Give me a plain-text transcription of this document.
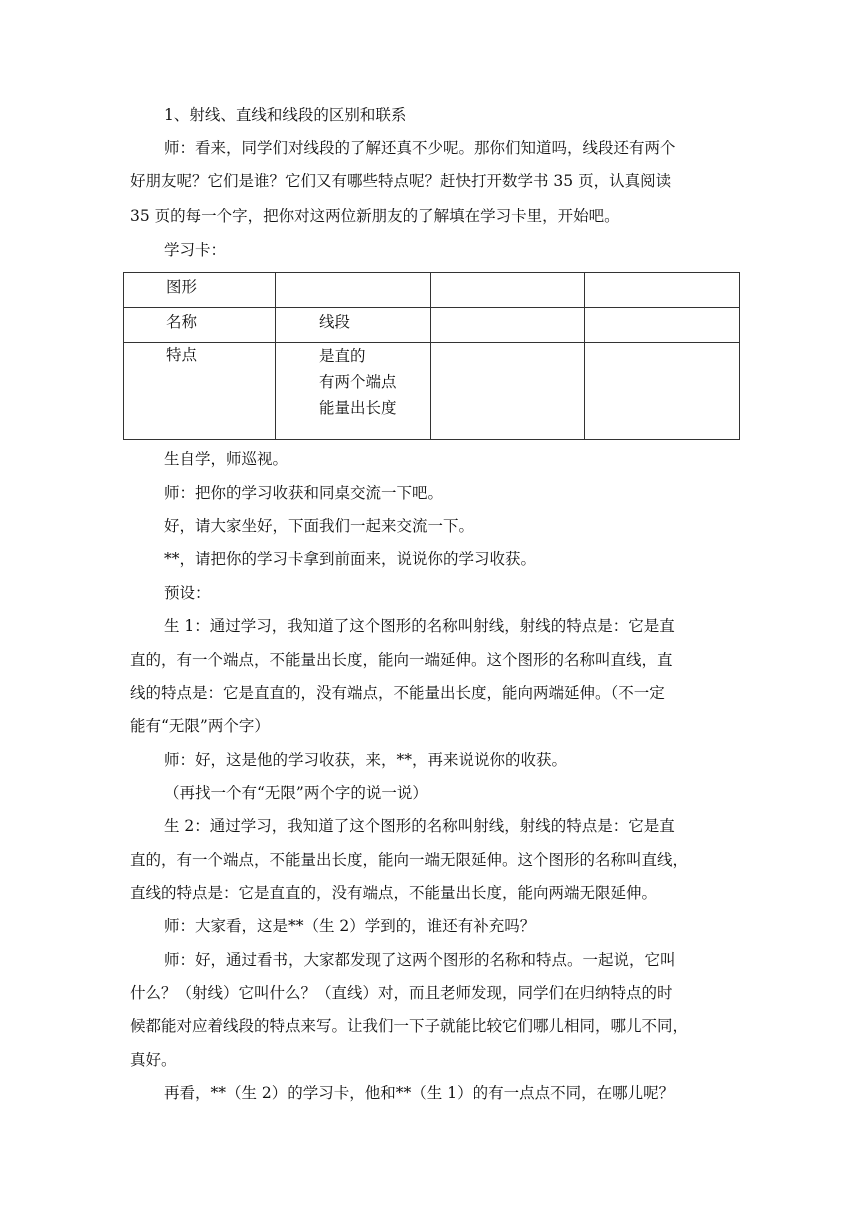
1、射线、直线和线段的区别和联系
师：看来，同学们对线段的了解还真不少呢。那你们知道吗，线段还有两个
好朋友呢？它们是谁？它们又有哪些特点呢？赶快打开数学书 35 页，认真阅读
35 页的每一个字，把你对这两位新朋友的了解填在学习卡里，开始吧。
学习卡：
图形			

名称	线段		

特点	是直的
有两个端点
能量出长度		

生自学，师巡视。
师：把你的学习收获和同桌交流一下吧。
好，请大家坐好，下面我们一起来交流一下。
**，请把你的学习卡拿到前面来，说说你的学习收获。
预设：
生 1：通过学习，我知道了这个图形的名称叫射线，射线的特点是：它是直
直的，有一个端点，不能量出长度，能向一端延伸。这个图形的名称叫直线，直
线的特点是：它是直直的，没有端点，不能量出长度，能向两端延伸。（不一定
能有“无限”两个字）
师：好，这是他的学习收获，来，**，再来说说你的收获。
（再找一个有“无限”两个字的说一说）
生 2：通过学习，我知道了这个图形的名称叫射线，射线的特点是：它是直
直的，有一个端点，不能量出长度，能向一端无限延伸。这个图形的名称叫直线，
直线的特点是：它是直直的，没有端点，不能量出长度，能向两端无限延伸。
师：大家看，这是**（生 2）学到的，谁还有补充吗？
师：好，通过看书，大家都发现了这两个图形的名称和特点。一起说，它叫
什么？（射线）它叫什么？（直线）对，而且老师发现，同学们在归纳特点的时
候都能对应着线段的特点来写。让我们一下子就能比较它们哪儿相同，哪儿不同，
真好。
再看，**（生 2）的学习卡，他和**（生 1）的有一点点不同，在哪儿呢？
